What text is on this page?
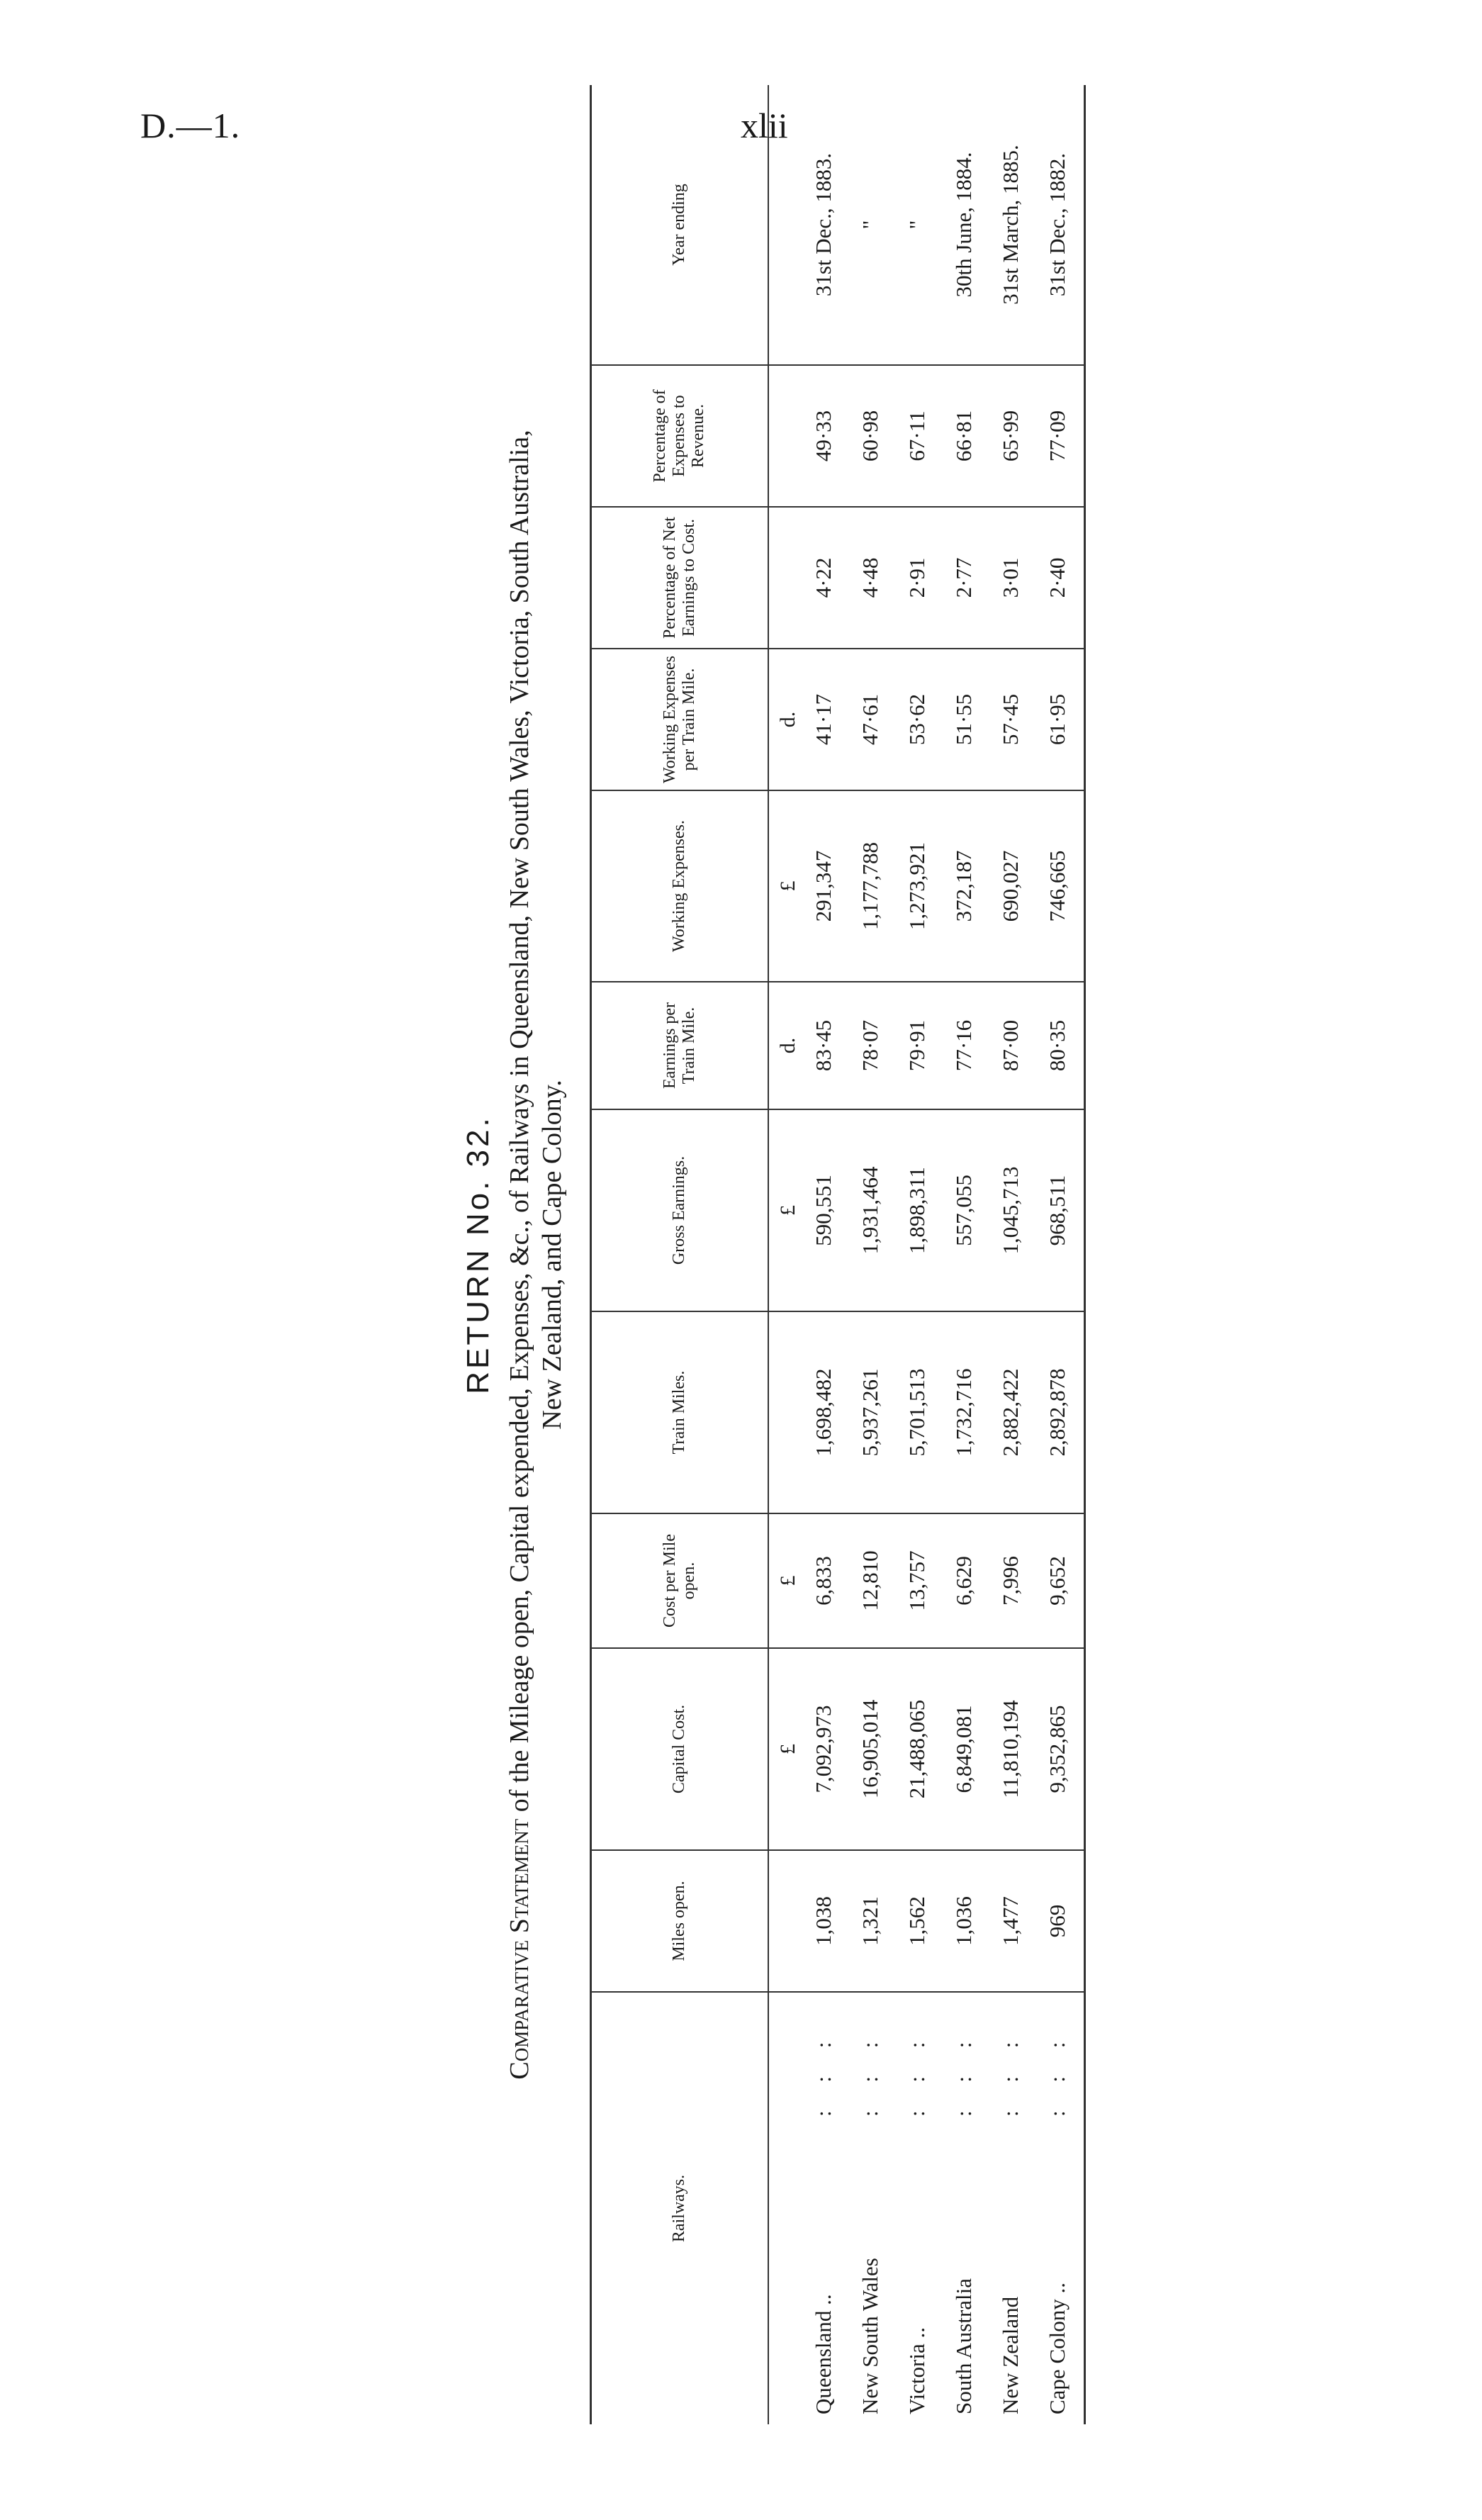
D.—1.	xlii
RETURN No. 32.
Comparative Statement of the Mileage open, Capital expended, Expenses, &c., of Railways in Queensland, New South Wales, Victoria, South Australia, New Zealand, and Cape Colony.
Railways.	Miles open.	Capital Cost.	Cost per Mile open.	Train Miles.	Gross Earnings.	Earnings per Train Mile.	Working Expenses.	Working Expenses per Train Mile.	Percentage of Net Earnings to Cost.	Percentage of Expenses to Revenue.	Year ending
		£	£		£	d.	£	d.			
Queensland ..: : :	1,038	7,092,973	6,833	1,698,482	590,551	83·45	291,347	41·17	4·22	49·33	31st Dec., 1883.
New South Wales: : :	1,321	16,905,014	12,810	5,937,261	1,931,464	78·07	1,177,788	47·61	4·48	60·98	"
Victoria ..: : :	1,562	21,488,065	13,757	5,701,513	1,898,311	79·91	1,273,921	53·62	2·91	67·11	"
South Australia: : :	1,036	6,849,081	6,629	1,732,716	557,055	77·16	372,187	51·55	2·77	66·81	30th June, 1884.
New Zealand: : :	1,477	11,810,194	7,996	2,882,422	1,045,713	87·00	690,027	57·45	3·01	65·99	31st March, 1885.
Cape Colony ..: : :	969	9,352,865	9,652	2,892,878	968,511	80·35	746,665	61·95	2·40	77·09	31st Dec., 1882.
